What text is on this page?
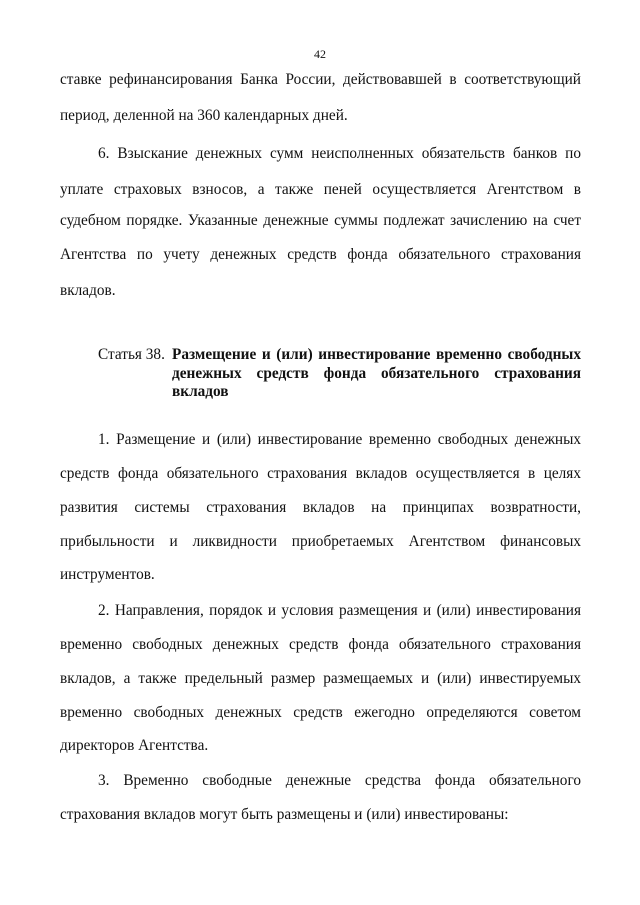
42
ставке рефинансирования Банка России, действовавшей в соответствующий
период, деленной на 360 календарных дней.
6. Взыскание денежных сумм неисполненных обязательств банков по
уплате страховых взносов, а также пеней осуществляется Агентством в
судебном порядке. Указанные денежные суммы подлежат зачислению на счет
Агентства по учету денежных средств фонда обязательного страхования
вкладов.
Статья 38. Размещение и (или) инвестирование временно свободных денежных средств фонда обязательного страхования вкладов
1. Размещение и (или) инвестирование временно свободных денежных
средств фонда обязательного страхования вкладов осуществляется в целях
развития системы страхования вкладов на принципах возвратности,
прибыльности и ликвидности приобретаемых Агентством финансовых
инструментов.
2. Направления, порядок и условия размещения и (или) инвестирования
временно свободных денежных средств фонда обязательного страхования
вкладов, а также предельный размер размещаемых и (или) инвестируемых
временно свободных денежных средств ежегодно определяются советом
директоров Агентства.
3. Временно свободные денежные средства фонда обязательного
страхования вкладов могут быть размещены и (или) инвестированы:
